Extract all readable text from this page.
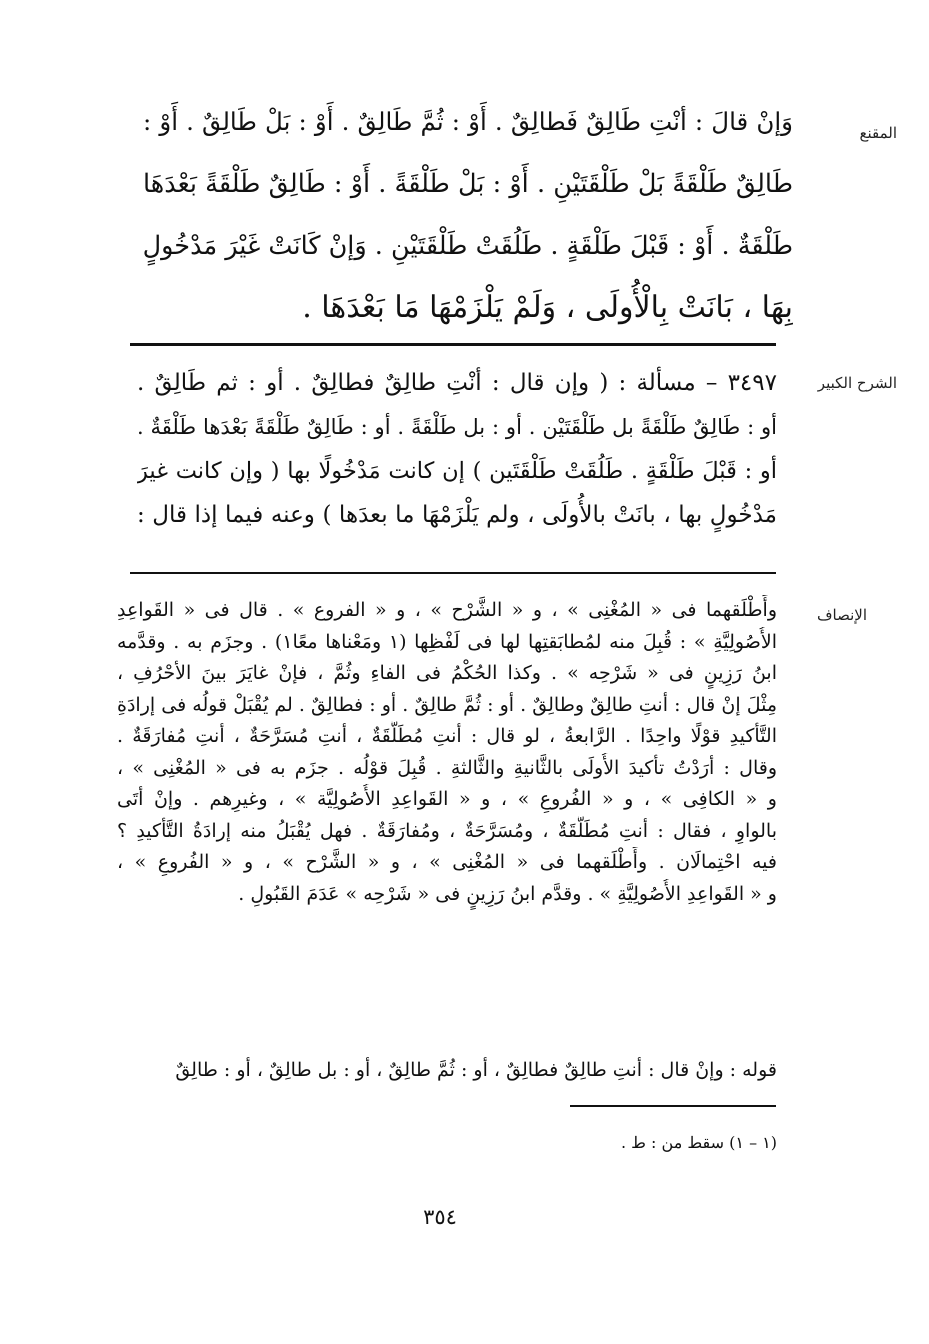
المقنع
وَإنْ قالَ : أنْتِ طَالِقٌ فَطالِقٌ . أَوْ : ثُمَّ طَالِقٌ . أَوْ : بَلْ طَالِقٌ . أَوْ :
طَالِقٌ طَلْقَةً بَلْ طَلْقَتَيْنِ . أَوْ : بَلْ طَلْقَةً . أَوْ : طَالِقٌ طَلْقَةً بَعْدَهَا
طَلْقَةٌ . أَوْ : قَبْلَ طَلْقَةٍ . طَلُقَتْ طَلْقَتَيْنِ . وَإنْ كَانَتْ غَيْرَ مَدْخُولٍ
بِهَا ، بَانَتْ بِالْأُولَى ، وَلَمْ يَلْزَمْهَا مَا بَعْدَهَا .
الشرح الكبير
٣٤٩٧ – مسألة : ( وإن قال : أنْتِ طالِقٌ فطالِقٌ . أو : ثم طَالِقٌ .
أو : طَالِقٌ طَلْقَةً بل طَلْقَتَيْن . أو : بل طَلْقَةً . أو : طَالِقٌ طَلْقَةً بَعْدَها طَلْقَةٌ .
أو : قَبْلَ طَلْقَةٍ . طَلُقَتْ طَلْقَتَين ) إن كانت مَدْخُولًا بها ( وإن كانت غيرَ
مَدْخُولٍ بها ، بانَتْ بالأُولَى ، ولم يَلْزَمْهَا ما بعدَها ) وعنه فيما إذا قال :
الإنصاف
وأَطْلَقهما فى « المُغْنِى » ، و « الشَّرْح » ، و « الفروع » . قال فى « القَواعِدِ
الأُصُولِيَّةِ » : قُبِلَ منه لمُطابَقتِها لها فى لَفْظِها (١ ومَعْناها معًا١) . وجزَم به . وقدَّمه
ابنُ رَزِينٍ فى « شَرْحِه » . وكذا الحُكْمُ فى الفاءِ وثُمَّ ، فإنْ غايَرَ بينَ الأحْرُفِ ،
مِثْلَ إنْ قال : أنتِ طالِقٌ وطالِقٌ . أو : ثُمَّ طالِقٌ . أو : فطالِقٌ . لم يُقْبَلْ قولُه فى إرادَةِ
التَّأْكيدِ قوْلًا واحِدًا . الرَّابعةُ ، لو قال : أنتِ مُطَلَّقَةٌ ، أنتِ مُسَرَّحَةٌ ، أنتِ مُفارَقَةٌ .
وقال : أرَدْتُ تأْكيدَ الأُولَى بالثَّانيةِ والثَّالثةِ . قُبِلَ قوْلُه . جزَم به فى « المُغْنِى » ،
و « الكافِى » ، و « الفُروعِ » ، و « القَواعِدِ الأُصُولِيَّة » ، وغيرِهم . وإنْ أتَى
بالواوِ ، فقال : أنتِ مُطَلَّقَةٌ ، ومُسَرَّحَةٌ ، ومُفارَقَةٌ . فهل يُقْبَلُ منه إرادَةُ التَّأْكيدِ ؟
فيه احْتِمالَان . وأَطْلَقهما فى « المُغْنِى » ، و « الشَّرْح » ، و « الفُروعِ » ،
و « القَواعِدِ الأُصُولِيَّةِ » . وقدَّم ابنُ رَزِينٍ فى « شَرْحِه » عَدَمَ القَبُولِ .
قوله : وإنْ قال : أنتِ طالِقٌ فطالِقٌ ، أو : ثُمَّ طالِقٌ ، أو : بل طالِقٌ ، أو : طالِقٌ
(١ – ١) سقط من : ط .
٣٥٤
